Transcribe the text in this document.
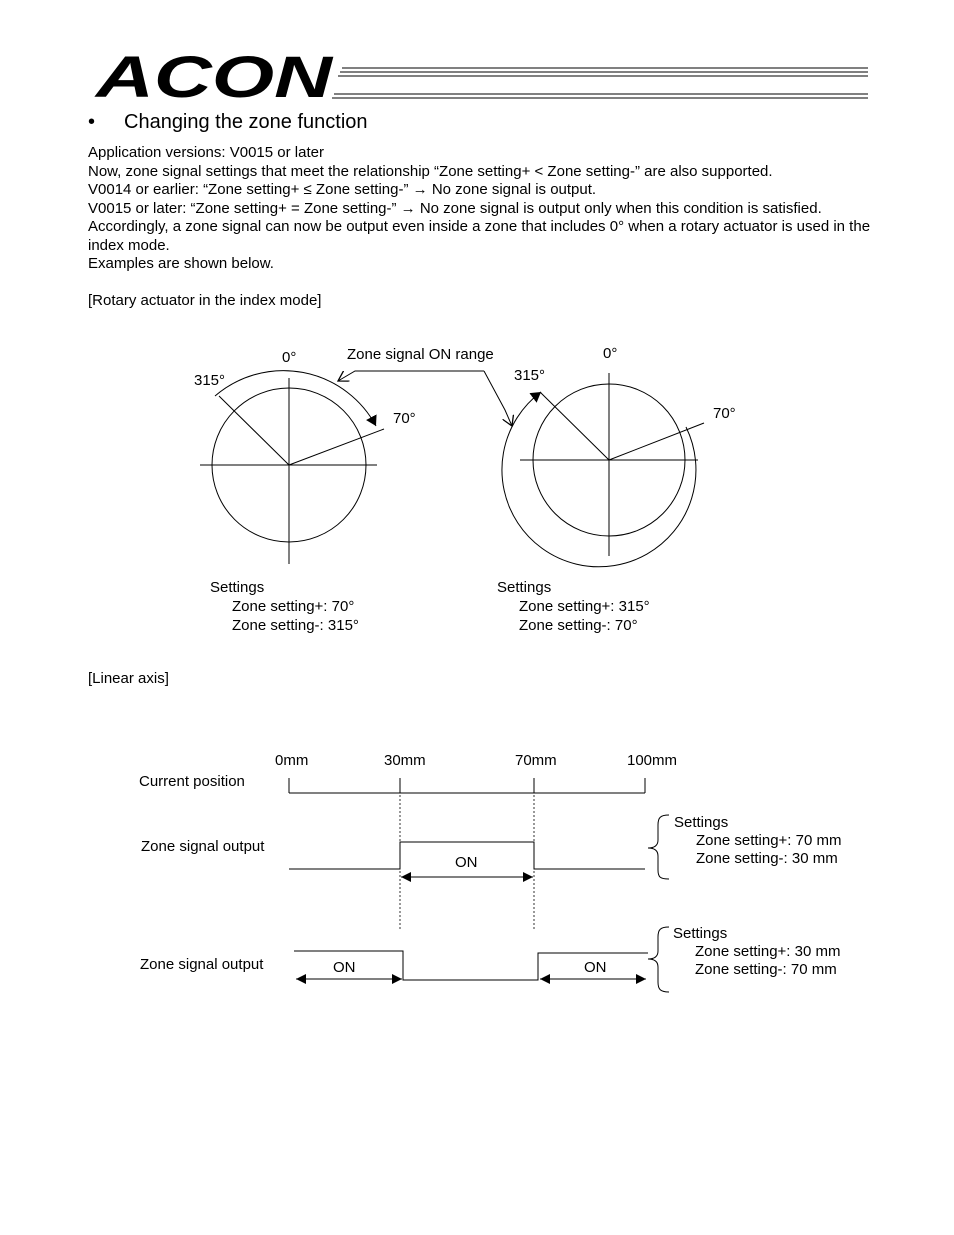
ACON
• Changing the zone function
Application versions: V0015 or later
Now, zone signal settings that meet the relationship “Zone setting+ < Zone setting-” are also supported.
V0014 or earlier: “Zone setting+ ≤ Zone setting-” → No zone signal is output.
V0015 or later: “Zone setting+ = Zone setting-” → No zone signal is output only when this condition is satisfied.
Accordingly, a zone signal can now be output even inside a zone that includes 0° when a rotary actuator is used in the index mode.
Examples are shown below.
[Rotary actuator in the index mode]
Zone signal ON range
0°
315°
70°
0°
315°
70°
Settings
Zone setting+: 70°
Zone setting-: 315°
Settings
Zone setting+: 315°
Zone setting-: 70°
[Linear axis]
0mm	30mm	70mm	100mm
Current position
Zone signal output
Zone signal output
ON
ON	ON
Settings
Zone setting+: 70 mm
Zone setting-: 30 mm
Settings
Zone setting+: 30 mm
Zone setting-: 70 mm
